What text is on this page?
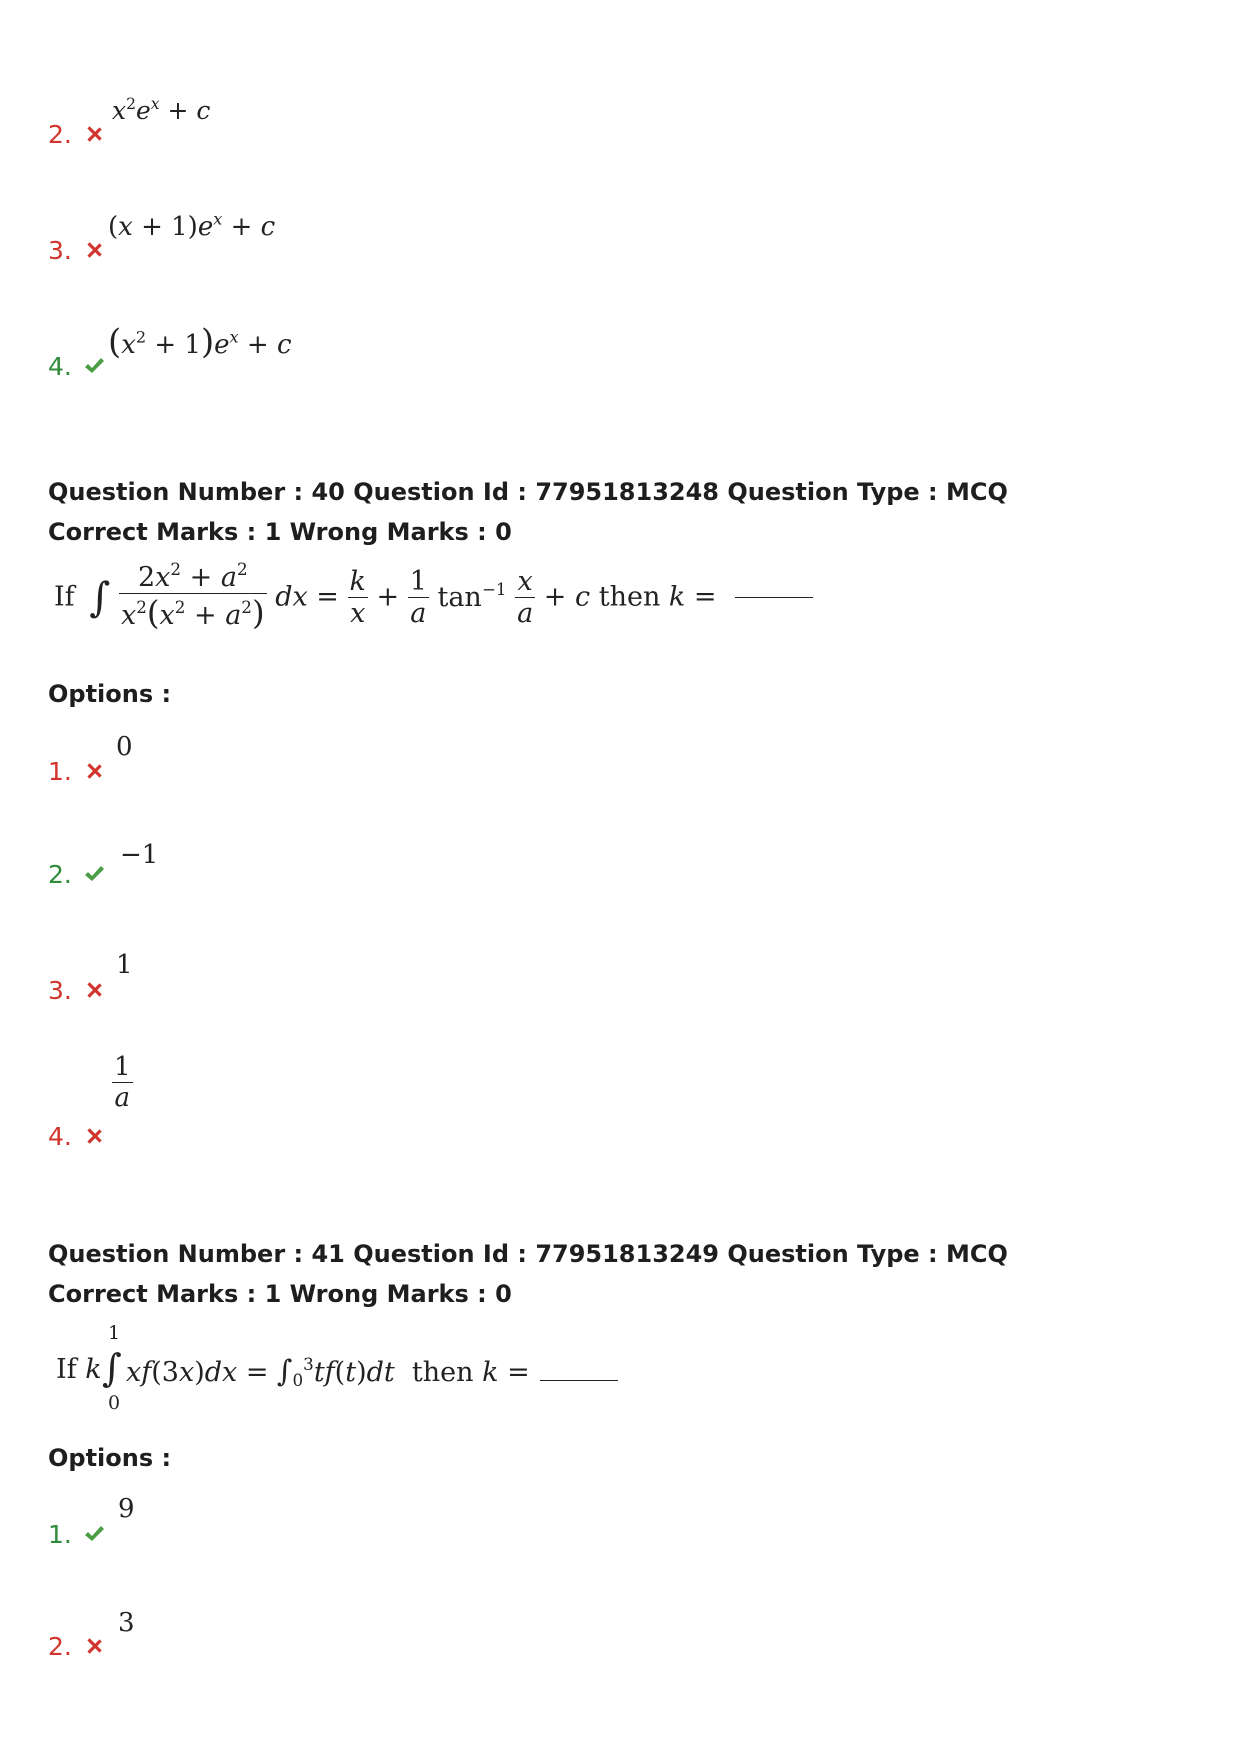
2.
$x^2e^x + c$
3.
$(x + 1)e^x + c$
4.
$(x^2 + 1)e^x + c$
Question Number : 40 Question Id : 77951813248 Question Type : MCQ
Correct Marks : 1 Wrong Marks : 0
If ∫ $\frac{2x^2 + a^2}{x^2(x^2 + a^2)}$ dx = $\frac{k}{x} + \frac{1}{a} \tan^{-1} \frac{x}{a} + c$ then k =
Options :
1.
0
2.
−1
3.
1
4.
$\frac{1}{a}$
Question Number : 41 Question Id : 77951813249 Question Type : MCQ
Correct Marks : 1 Wrong Marks : 0
If k
1
∫
0
$xf(3x)dx = \int_0^3tf(t)dt$  then k =
Options :
1.
9
2.
3
